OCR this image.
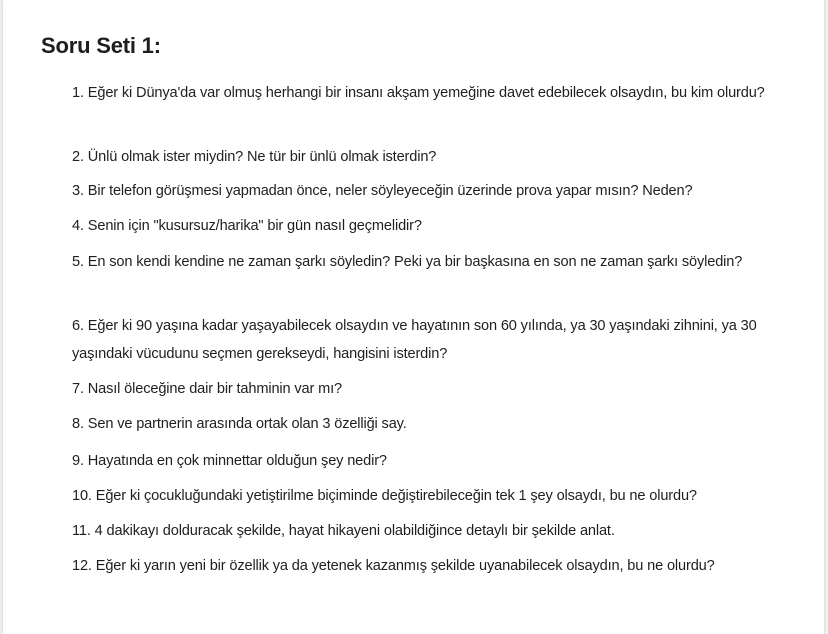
Soru Seti 1:
1. Eğer ki Dünya'da var olmuş herhangi bir insanı akşam yemeğine davet edebilecek olsaydın, bu kim olurdu?
2. Ünlü olmak ister miydin? Ne tür bir ünlü olmak isterdin?
3. Bir telefon görüşmesi yapmadan önce, neler söyleyeceğin üzerinde prova yapar mısın? Neden?
4. Senin için "kusursuz/harika" bir gün nasıl geçmelidir?
5. En son kendi kendine ne zaman şarkı söyledin? Peki ya bir başkasına en son ne zaman şarkı söyledin?
6. Eğer ki 90 yaşına kadar yaşayabilecek olsaydın ve hayatının son 60 yılında, ya 30 yaşındaki zihnini, ya 30 yaşındaki vücudunu seçmen gerekseydi, hangisini isterdin?
7. Nasıl öleceğine dair bir tahminin var mı?
8. Sen ve partnerin arasında ortak olan 3 özelliği say.
9. Hayatında en çok minnettar olduğun şey nedir?
10. Eğer ki çocukluğundaki yetiştirilme biçiminde değiştirebileceğin tek 1 şey olsaydı, bu ne olurdu?
11. 4 dakikayı dolduracak şekilde, hayat hikayeni olabildiğince detaylı bir şekilde anlat.
12. Eğer ki yarın yeni bir özellik ya da yetenek kazanmış şekilde uyanabilecek olsaydın, bu ne olurdu?
